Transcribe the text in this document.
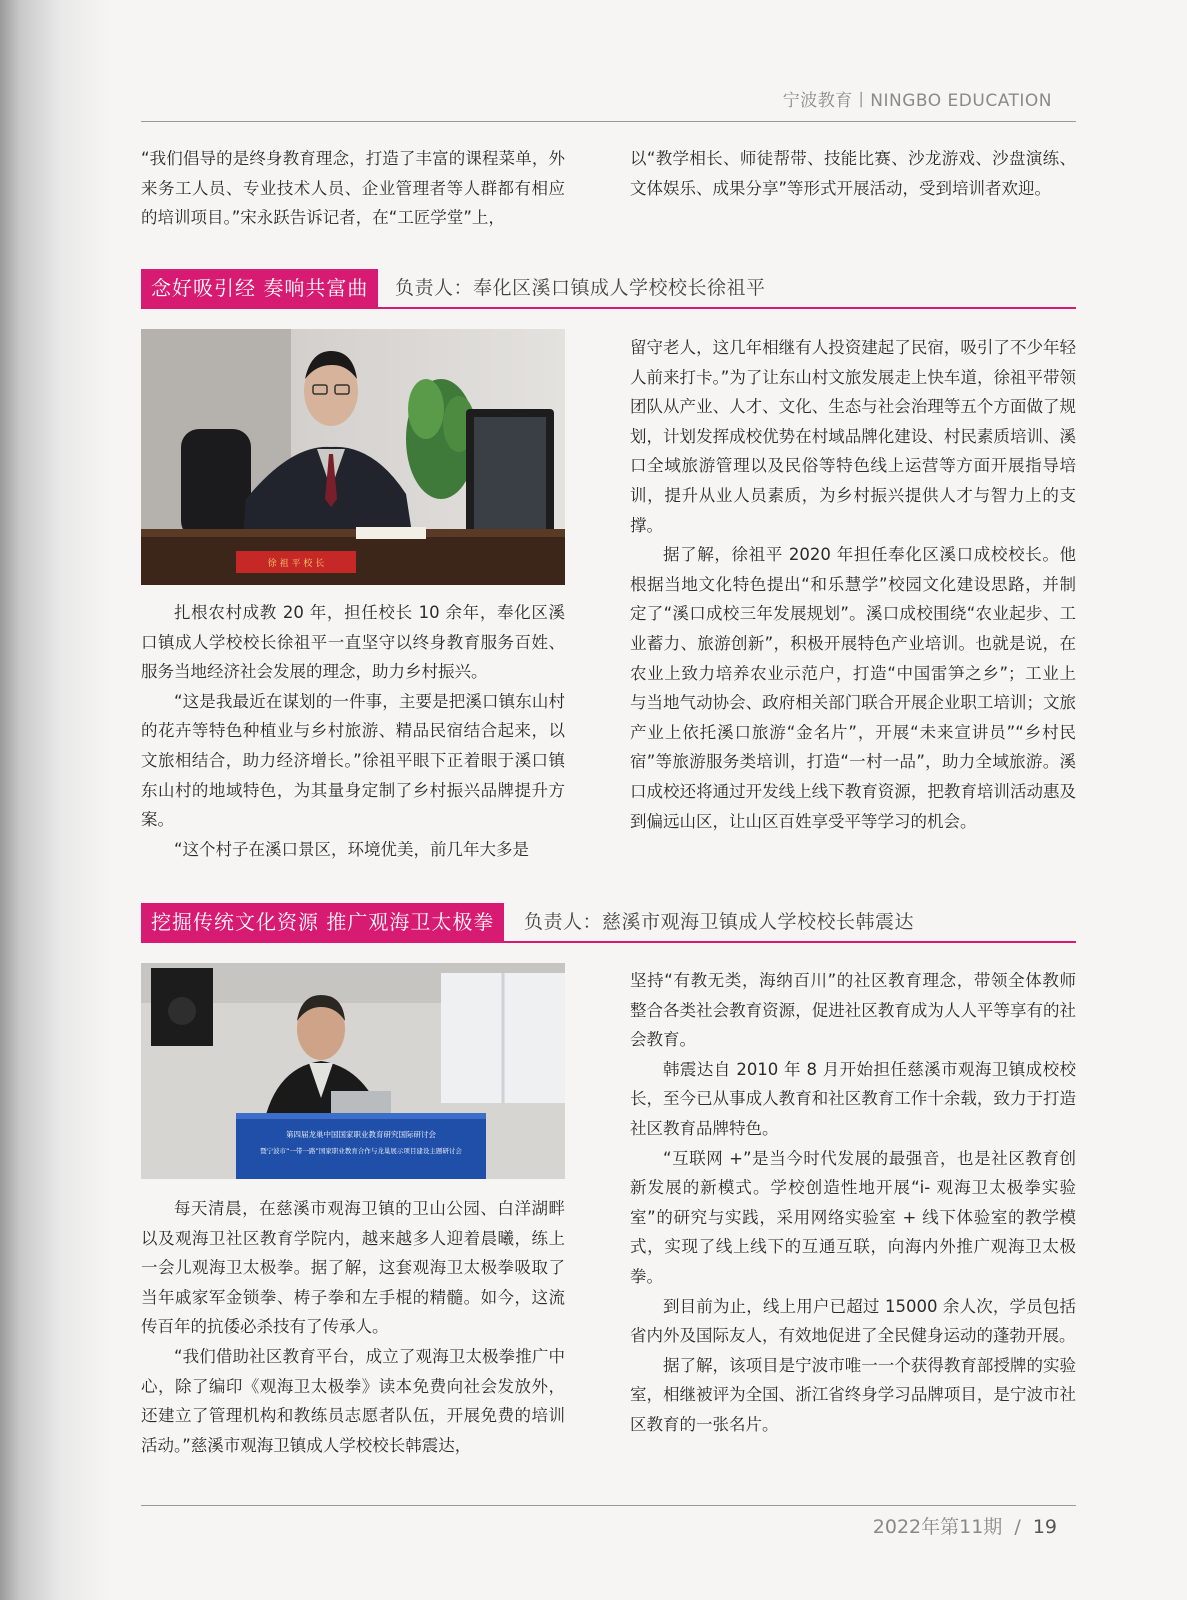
宁波教育丨NINGBO EDUCATION

“我们倡导的是终身教育理念，打造了丰富的课程菜单，外来务工人员、专业技术人员、企业管理者等人群都有相应的培训项目。”宋永跃告诉记者，在“工匠学堂”上，

以“教学相长、师徒帮带、技能比赛、沙龙游戏、沙盘演练、文体娱乐、成果分享”等形式开展活动，受到培训者欢迎。

念好吸引经 奏响共富曲	负责人：奉化区溪口镇成人学校校长徐祖平
徐 祖 平 校 长

扎根农村成教 20 年，担任校长 10 余年，奉化区溪口镇成人学校校长徐祖平一直坚守以终身教育服务百姓、服务当地经济社会发展的理念，助力乡村振兴。

“这是我最近在谋划的一件事，主要是把溪口镇东山村的花卉等特色种植业与乡村旅游、精品民宿结合起来，以文旅相结合，助力经济增长。”徐祖平眼下正着眼于溪口镇东山村的地域特色，为其量身定制了乡村振兴品牌提升方案。

“这个村子在溪口景区，环境优美，前几年大多是

留守老人，这几年相继有人投资建起了民宿，吸引了不少年轻人前来打卡。”为了让东山村文旅发展走上快车道，徐祖平带领团队从产业、人才、文化、生态与社会治理等五个方面做了规划，计划发挥成校优势在村域品牌化建设、村民素质培训、溪口全域旅游管理以及民俗等特色线上运营等方面开展指导培训，提升从业人员素质，为乡村振兴提供人才与智力上的支撑。

据了解，徐祖平 2020 年担任奉化区溪口成校校长。他根据当地文化特色提出“和乐慧学”校园文化建设思路，并制定了“溪口成校三年发展规划”。溪口成校围绕“农业起步、工业蓄力、旅游创新”，积极开展特色产业培训。也就是说，在农业上致力培养农业示范户，打造“中国雷笋之乡”；工业上与当地气动协会、政府相关部门联合开展企业职工培训；文旅产业上依托溪口旅游“金名片”，开展“未来宣讲员”“乡村民宿”等旅游服务类培训，打造“一村一品”，助力全域旅游。溪口成校还将通过开发线上线下教育资源，把教育培训活动惠及到偏远山区，让山区百姓享受平等学习的机会。

挖掘传统文化资源 推广观海卫太极拳	负责人：慈溪市观海卫镇成人学校校长韩震达
第四届龙巢中国国家职业教育研究国际研讨会
暨宁波市“一带一路”国家职业教育合作与龙巢展示项目建设主题研讨会

每天清晨，在慈溪市观海卫镇的卫山公园、白洋湖畔以及观海卫社区教育学院内，越来越多人迎着晨曦，练上一会儿观海卫太极拳。据了解，这套观海卫太极拳吸取了当年戚家军金锁拳、梼子拳和左手棍的精髓。如今，这流传百年的抗倭必杀技有了传承人。

“我们借助社区教育平台，成立了观海卫太极拳推广中心，除了编印《观海卫太极拳》读本免费向社会发放外，还建立了管理机构和教练员志愿者队伍，开展免费的培训活动。”慈溪市观海卫镇成人学校校长韩震达，

坚持“有教无类，海纳百川”的社区教育理念，带领全体教师整合各类社会教育资源，促进社区教育成为人人平等享有的社会教育。

韩震达自 2010 年 8 月开始担任慈溪市观海卫镇成校校长，至今已从事成人教育和社区教育工作十余载，致力于打造社区教育品牌特色。

“互联网 +”是当今时代发展的最强音，也是社区教育创新发展的新模式。学校创造性地开展“i- 观海卫太极拳实验室”的研究与实践，采用网络实验室 + 线下体验室的教学模式，实现了线上线下的互通互联，向海内外推广观海卫太极拳。

到目前为止，线上用户已超过 15000 余人次，学员包括省内外及国际友人，有效地促进了全民健身运动的蓬勃开展。

据了解，该项目是宁波市唯一一个获得教育部授牌的实验室，相继被评为全国、浙江省终身学习品牌项目，是宁波市社区教育的一张名片。

2022年第11期 / 19
